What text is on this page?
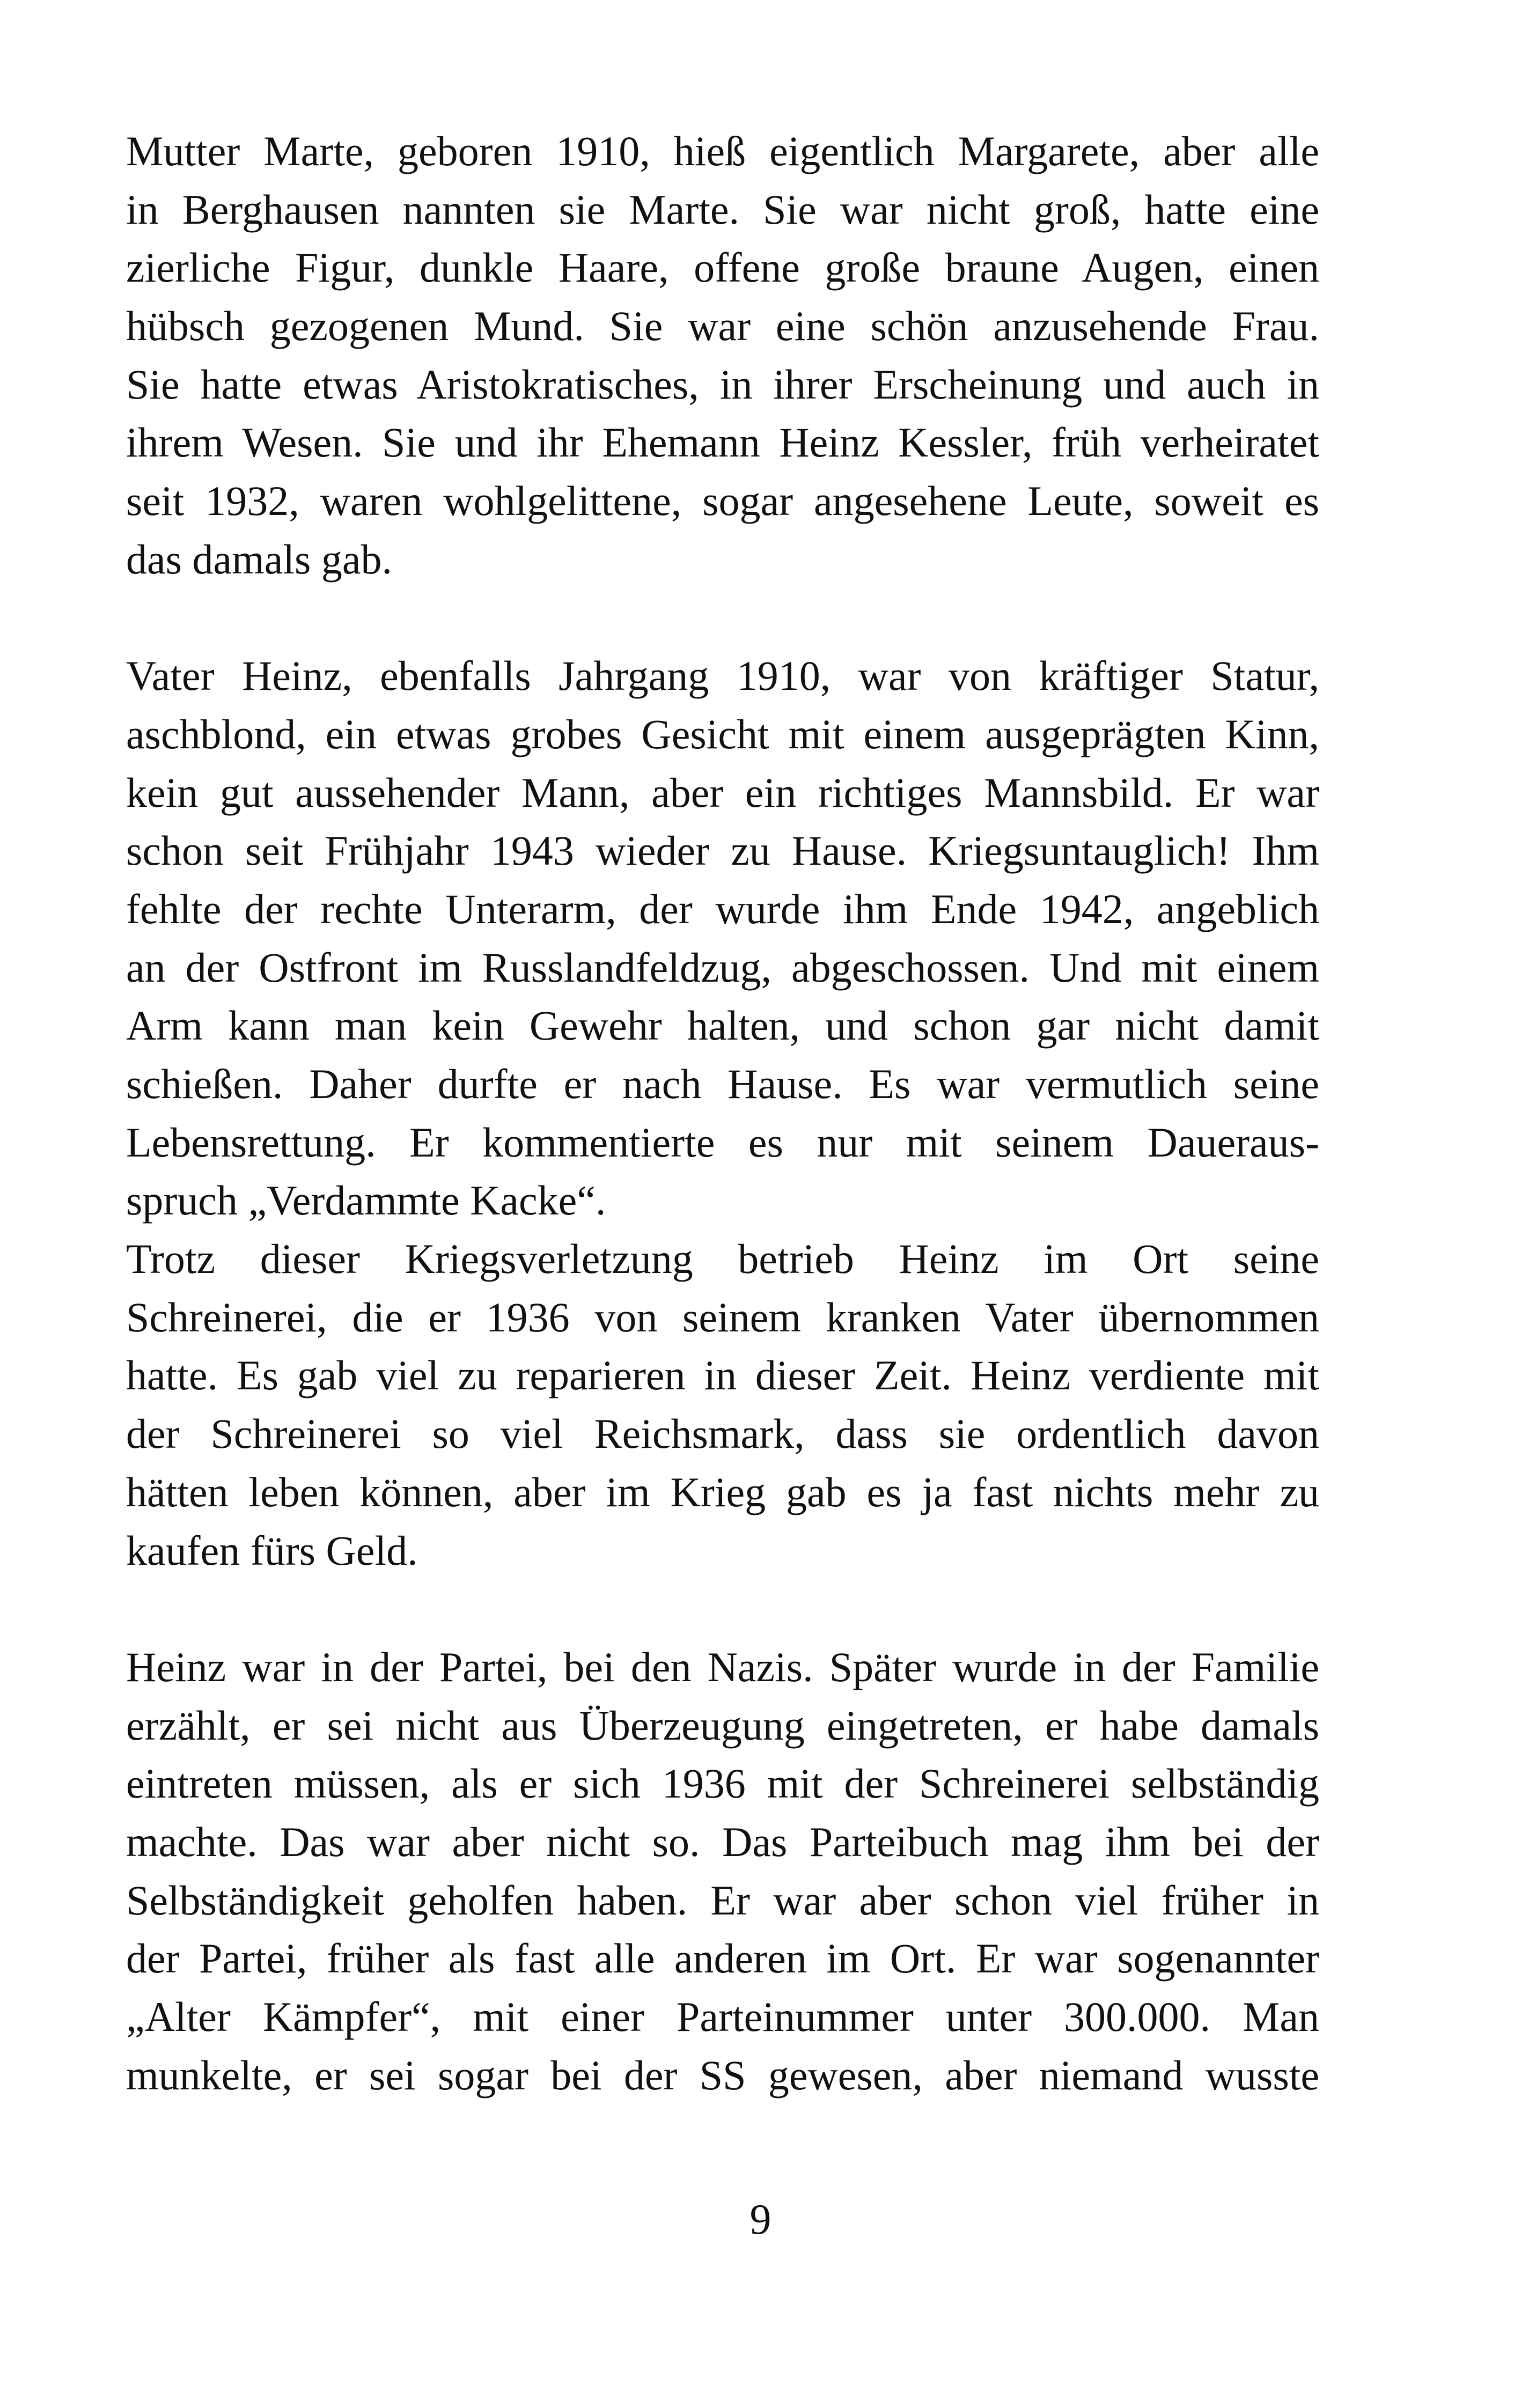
Mutter Marte, geboren 1910, hieß eigentlich Margarete, aber alle
in Berghausen nannten sie Marte. Sie war nicht groß, hatte eine
zierliche Figur, dunkle Haare, offene große braune Augen, einen
hübsch gezogenen Mund. Sie war eine schön anzusehende Frau.
Sie hatte etwas Aristokratisches, in ihrer Erscheinung und auch in
ihrem Wesen. Sie und ihr Ehemann Heinz Kessler, früh verheiratet
seit 1932, waren wohlgelittene, sogar angesehene Leute, soweit es
das damals gab.
Vater Heinz, ebenfalls Jahrgang 1910, war von kräftiger Statur,
aschblond, ein etwas grobes Gesicht mit einem ausgeprägten Kinn,
kein gut aussehender Mann, aber ein richtiges Mannsbild. Er war
schon seit Frühjahr 1943 wieder zu Hause. Kriegsuntauglich! Ihm
fehlte der rechte Unterarm, der wurde ihm Ende 1942, angeblich
an der Ostfront im Russlandfeldzug, abgeschossen. Und mit einem
Arm kann man kein Gewehr halten, und schon gar nicht damit
schießen. Daher durfte er nach Hause. Es war vermutlich seine
Lebensrettung. Er kommentierte es nur mit seinem Daueraus-
spruch „Verdammte Kacke“.
Trotz dieser Kriegsverletzung betrieb Heinz im Ort seine
Schreinerei, die er 1936 von seinem kranken Vater übernommen
hatte. Es gab viel zu reparieren in dieser Zeit. Heinz verdiente mit
der Schreinerei so viel Reichsmark, dass sie ordentlich davon
hätten leben können, aber im Krieg gab es ja fast nichts mehr zu
kaufen fürs Geld.
Heinz war in der Partei, bei den Nazis. Später wurde in der Familie
erzählt, er sei nicht aus Überzeugung eingetreten, er habe damals
eintreten müssen, als er sich 1936 mit der Schreinerei selbständig
machte. Das war aber nicht so. Das Parteibuch mag ihm bei der
Selbständigkeit geholfen haben. Er war aber schon viel früher in
der Partei, früher als fast alle anderen im Ort. Er war sogenannter
„Alter Kämpfer“, mit einer Parteinummer unter 300.000. Man
munkelte, er sei sogar bei der SS gewesen, aber niemand wusste
9
